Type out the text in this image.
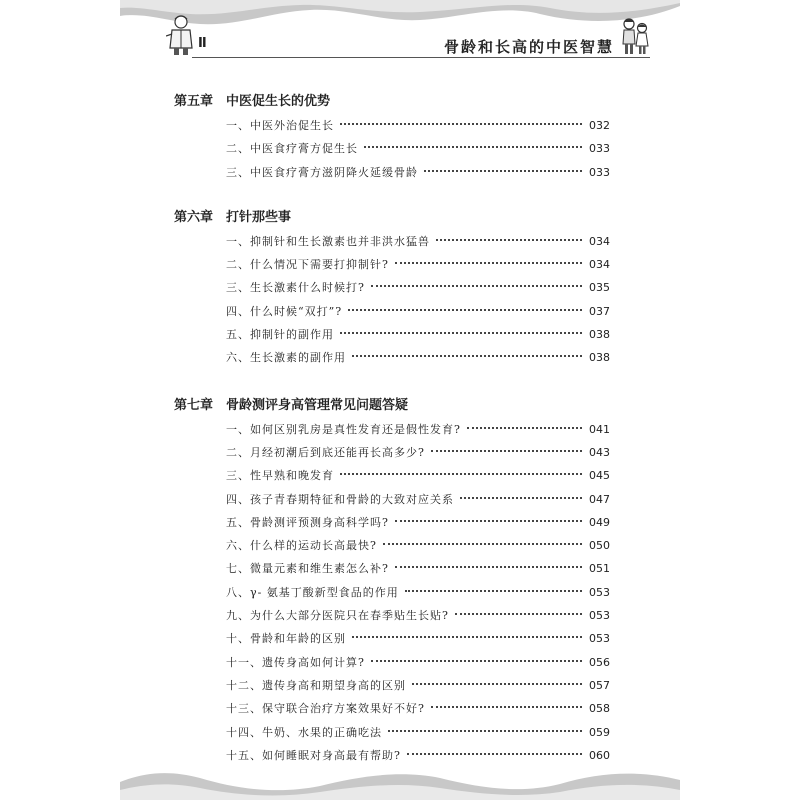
II	骨龄和长高的中医智慧
第五章 中医促生长的优势
一、中医外治促生长	032
二、中医食疗膏方促生长	033
三、中医食疗膏方滋阴降火延缓骨龄	033
第六章 打针那些事
一、抑制针和生长激素也并非洪水猛兽	034
二、什么情况下需要打抑制针?	034
三、生长激素什么时候打?	035
四、什么时候“双打”?	037
五、抑制针的副作用	038
六、生长激素的副作用	038
第七章 骨龄测评身高管理常见问题答疑
一、如何区别乳房是真性发育还是假性发育?	041
二、月经初潮后到底还能再长高多少?	043
三、性早熟和晚发育	045
四、孩子青春期特征和骨龄的大致对应关系	047
五、骨龄测评预测身高科学吗?	049
六、什么样的运动长高最快?	050
七、微量元素和维生素怎么补?	051
八、γ- 氨基丁酸新型食品的作用	053
九、为什么大部分医院只在春季贴生长贴?	053
十、骨龄和年龄的区别	053
十一、遗传身高如何计算?	056
十二、遗传身高和期望身高的区别	057
十三、保守联合治疗方案效果好不好?	058
十四、牛奶、水果的正确吃法	059
十五、如何睡眠对身高最有帮助?	060
